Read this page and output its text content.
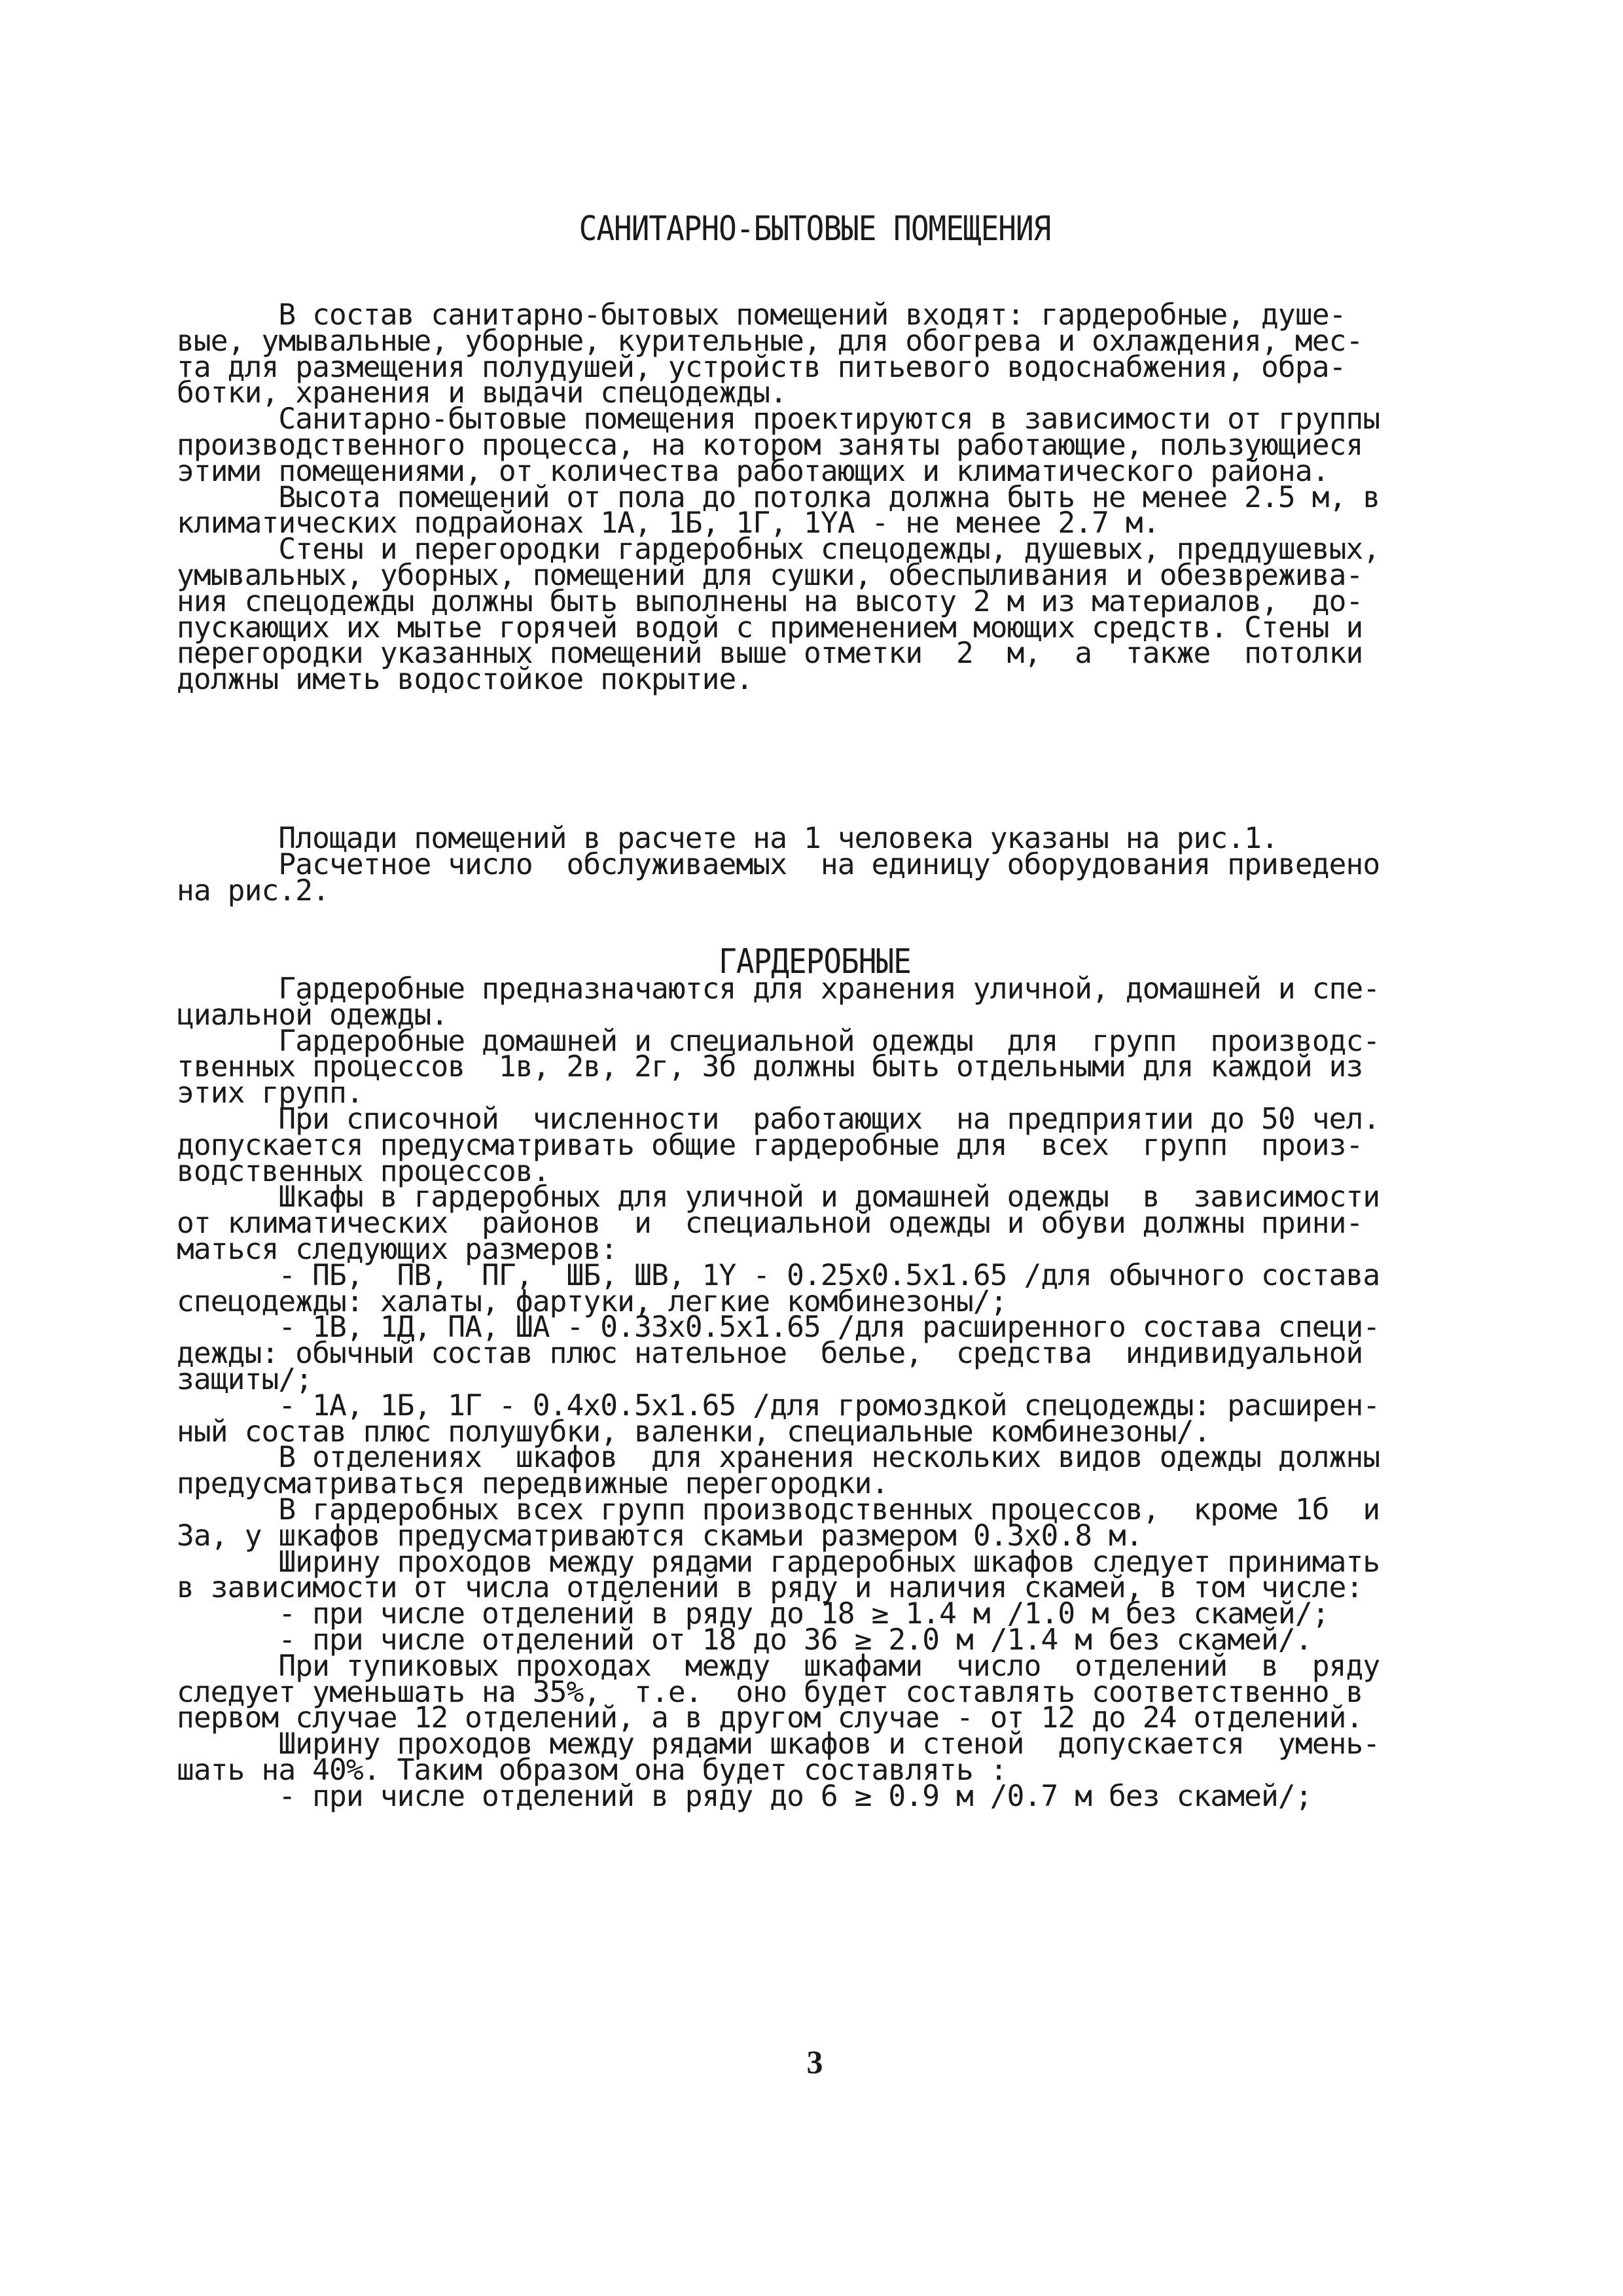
САНИТАРНО-БЫТОВЫЕ ПОМЕЩЕНИЯ
В состав санитарно-бытовых помещений входят: гардеробные, душе-
вые, умывальные, уборные, курительные, для обогрева и охлаждения, мес-
та для размещения полудушей, устройств питьевого водоснабжения, обра-
ботки, хранения и выдачи спецодежды.
Санитарно-бытовые помещения проектируются в зависимости от группы
производственного процесса, на котором заняты работающие, пользующиеся
этими помещениями, от количества работающих и климатического района.
Высота помещений от пола до потолка должна быть не менее 2.5 м, в
климатических подрайонах 1А, 1Б, 1Г, 1YA - не менее 2.7 м.
Стены и перегородки гардеробных спецодежды, душевых, преддушевых,
умывальных, уборных, помещений для сушки, обеспыливания и обезврежива-
ния спецодежды должны быть выполнены на высоту 2 м из материалов,  до-
пускающих их мытье горячей водой с применением моющих средств. Стены и
перегородки указанных помещений выше отметки  2  м,  а  также  потолки
должны иметь водостойкое покрытие.
Площади помещений в расчете на 1 человека указаны на рис.1.
Расчетное число  обслуживаемых  на единицу оборудования приведено
на рис.2.
ГАРДЕРОБНЫЕ
Гардеробные предназначаются для хранения уличной, домашней и спе-
циальной одежды.
Гардеробные домашней и специальной одежды  для  групп  производс-
твенных процессов  1в, 2в, 2г, 3б должны быть отдельными для каждой из
этих групп.
При списочной  численности  работающих  на предприятии до 50 чел.
допускается предусматривать общие гардеробные для  всех  групп  произ-
водственных процессов.
Шкафы в гардеробных для уличной и домашней одежды  в  зависимости
от климатических  районов  и  специальной одежды и обуви должны прини-
маться следующих размеров:
- ПБ,  ПВ,  ПГ,  ШБ, ШВ, 1Y - 0.25х0.5х1.65 /для обычного состава
спецодежды: халаты, фартуки, легкие комбинезоны/;
- 1В, 1Д, ПА, ША - 0.33х0.5х1.65 /для расширенного состава специ-
дежды: обычный состав плюс нательное  белье,  средства  индивидуальной
защиты/;
- 1А, 1Б, 1Г - 0.4х0.5х1.65 /для громоздкой спецодежды: расширен-
ный состав плюс полушубки, валенки, специальные комбинезоны/.
В отделениях  шкафов  для хранения нескольких видов одежды должны
предусматриваться передвижные перегородки.
В гардеробных всех групп производственных процессов,  кроме 1б  и
3а, у шкафов предусматриваются скамьи размером 0.3х0.8 м.
Ширину проходов между рядами гардеробных шкафов следует принимать
в зависимости от числа отделений в ряду и наличия скамей, в том числе:
- при числе отделений в ряду до 18 ≥ 1.4 м /1.0 м без скамей/;
- при числе отделений от 18 до 36 ≥ 2.0 м /1.4 м без скамей/.
При тупиковых проходах  между  шкафами  число  отделений  в  ряду
следует уменьшать на 35%,  т.е.  оно будет составлять соответственно в
первом случае 12 отделений, а в другом случае - от 12 до 24 отделений.
Ширину проходов между рядами шкафов и стеной  допускается  умень-
шать на 40%. Таким образом она будет составлять :
- при числе отделений в ряду до 6 ≥ 0.9 м /0.7 м без скамей/;
3
